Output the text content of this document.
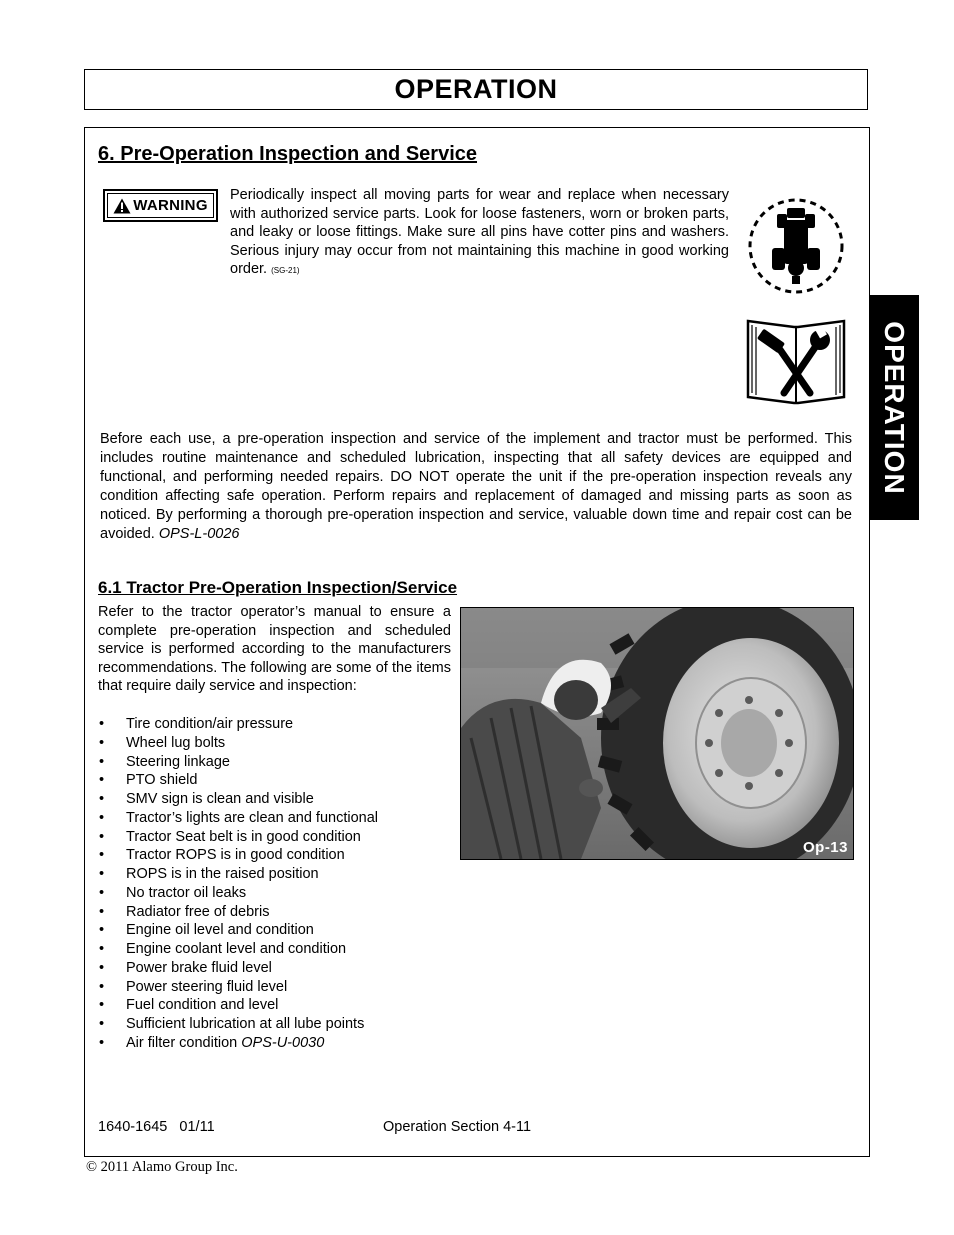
OPERATION
OPERATION
6. Pre-Operation Inspection and Service
WARNING

Periodically inspect all moving parts for wear and replace when necessary with authorized service parts. Look for loose fasteners, worn or broken parts, and leaky or loose fittings. Make sure all pins have cotter pins and washers. Serious injury may occur from not maintaining this machine in good working order. (SG-21)

Before each use, a pre-operation inspection and service of the implement and tractor must be performed. This includes routine maintenance and scheduled lubrication, inspecting that all safety devices are equipped and functional, and performing needed repairs. DO NOT operate the unit if the pre-operation inspection reveals any condition affecting safe operation. Perform repairs and replacement of damaged and missing parts as soon as noticed. By performing a thorough pre-operation inspection and service, valuable down time and repair cost can be avoided. OPS-L-0026

6.1 Tractor Pre-Operation Inspection/Service

Refer to the tractor operator’s manual to ensure a complete pre-operation inspection and scheduled service is performed according to the manufacturers recommendations. The following are some of the items that require daily service and inspection:

• Tire condition/air pressure
• Wheel lug bolts
• Steering linkage
• PTO shield
• SMV sign is clean and visible
• Tractor’s lights are clean and functional
• Tractor Seat belt is in good condition
• Tractor ROPS is in good condition
• ROPS is in the raised position
• No tractor oil leaks
• Radiator free of debris
• Engine oil level and condition
• Engine coolant level and condition
• Power brake fluid level
• Power steering fluid level
• Fuel condition and level
• Sufficient lubrication at all lube points
• Air filter condition OPS-U-0030
Op-13
1640-1645   01/11	Operation Section 4-11
© 2011 Alamo Group Inc.
